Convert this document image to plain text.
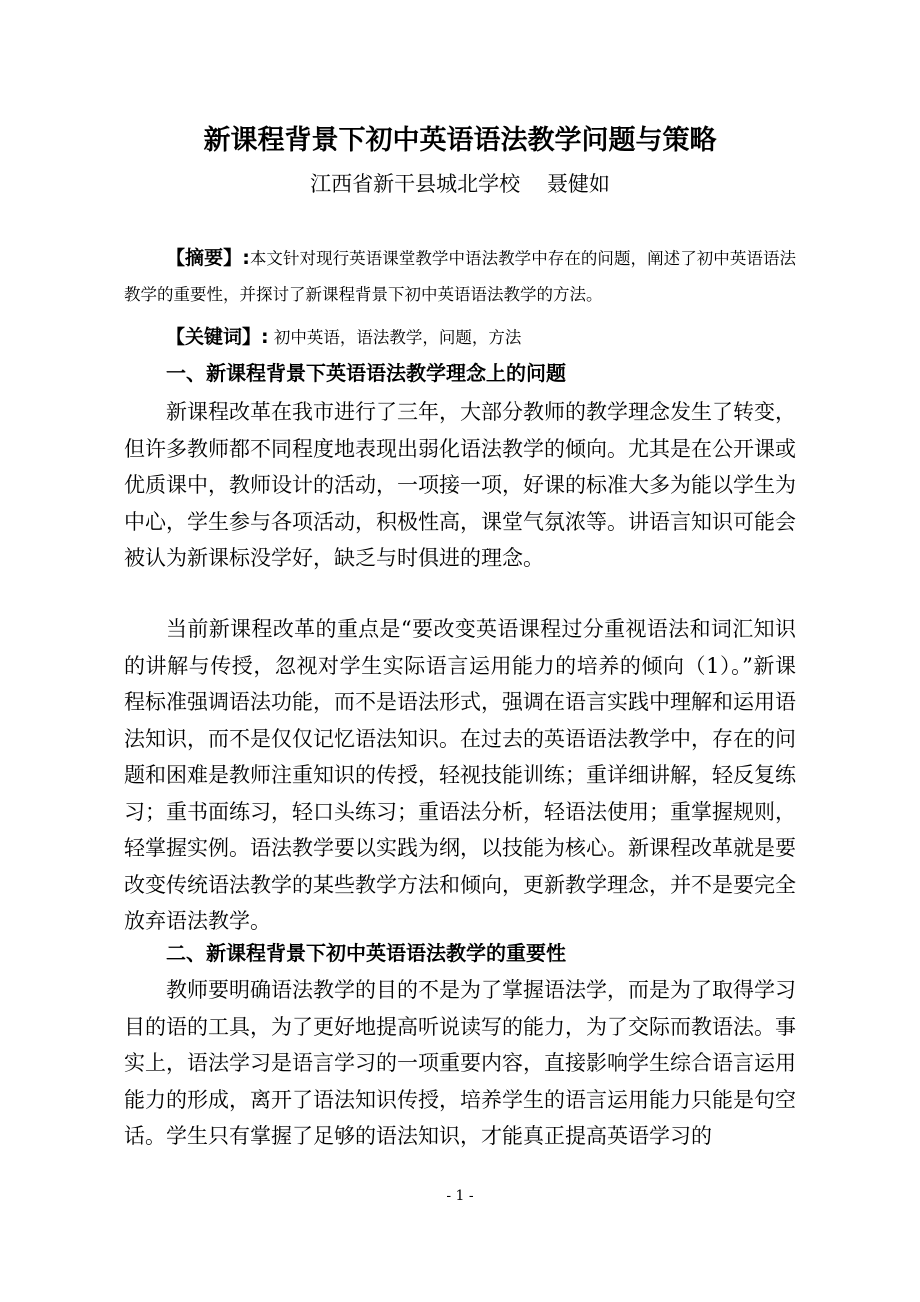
新课程背景下初中英语语法教学问题与策略
江西省新干县城北学校    聂健如

【摘要】:本文针对现行英语课堂教学中语法教学中存在的问题，阐述了初中英语语法教学的重要性，并探讨了新课程背景下初中英语语法教学的方法。

【关键词】: 初中英语，语法教学，问题，方法

一、新课程背景下英语语法教学理念上的问题

新课程改革在我市进行了三年，大部分教师的教学理念发生了转变，但许多教师都不同程度地表现出弱化语法教学的倾向。尤其是在公开课或优质课中，教师设计的活动，一项接一项，好课的标准大多为能以学生为中心，学生参与各项活动，积极性高，课堂气氛浓等。讲语言知识可能会被认为新课标没学好，缺乏与时俱进的理念。

当前新课程改革的重点是“要改变英语课程过分重视语法和词汇知识的讲解与传授，忽视对学生实际语言运用能力的培养的倾向（1）。”新课程标准强调语法功能，而不是语法形式，强调在语言实践中理解和运用语法知识，而不是仅仅记忆语法知识。在过去的英语语法教学中，存在的问题和困难是教师注重知识的传授，轻视技能训练；重详细讲解，轻反复练习；重书面练习，轻口头练习；重语法分析，轻语法使用；重掌握规则，轻掌握实例。语法教学要以实践为纲，以技能为核心。新课程改革就是要改变传统语法教学的某些教学方法和倾向，更新教学理念，并不是要完全放弃语法教学。

二、新课程背景下初中英语语法教学的重要性

教师要明确语法教学的目的不是为了掌握语法学，而是为了取得学习目的语的工具，为了更好地提高听说读写的能力，为了交际而教语法。事实上，语法学习是语言学习的一项重要内容，直接影响学生综合语言运用能力的形成，离开了语法知识传授，培养学生的语言运用能力只能是句空话。学生只有掌握了足够的语法知识，才能真正提高英语学习的

- 1 -
